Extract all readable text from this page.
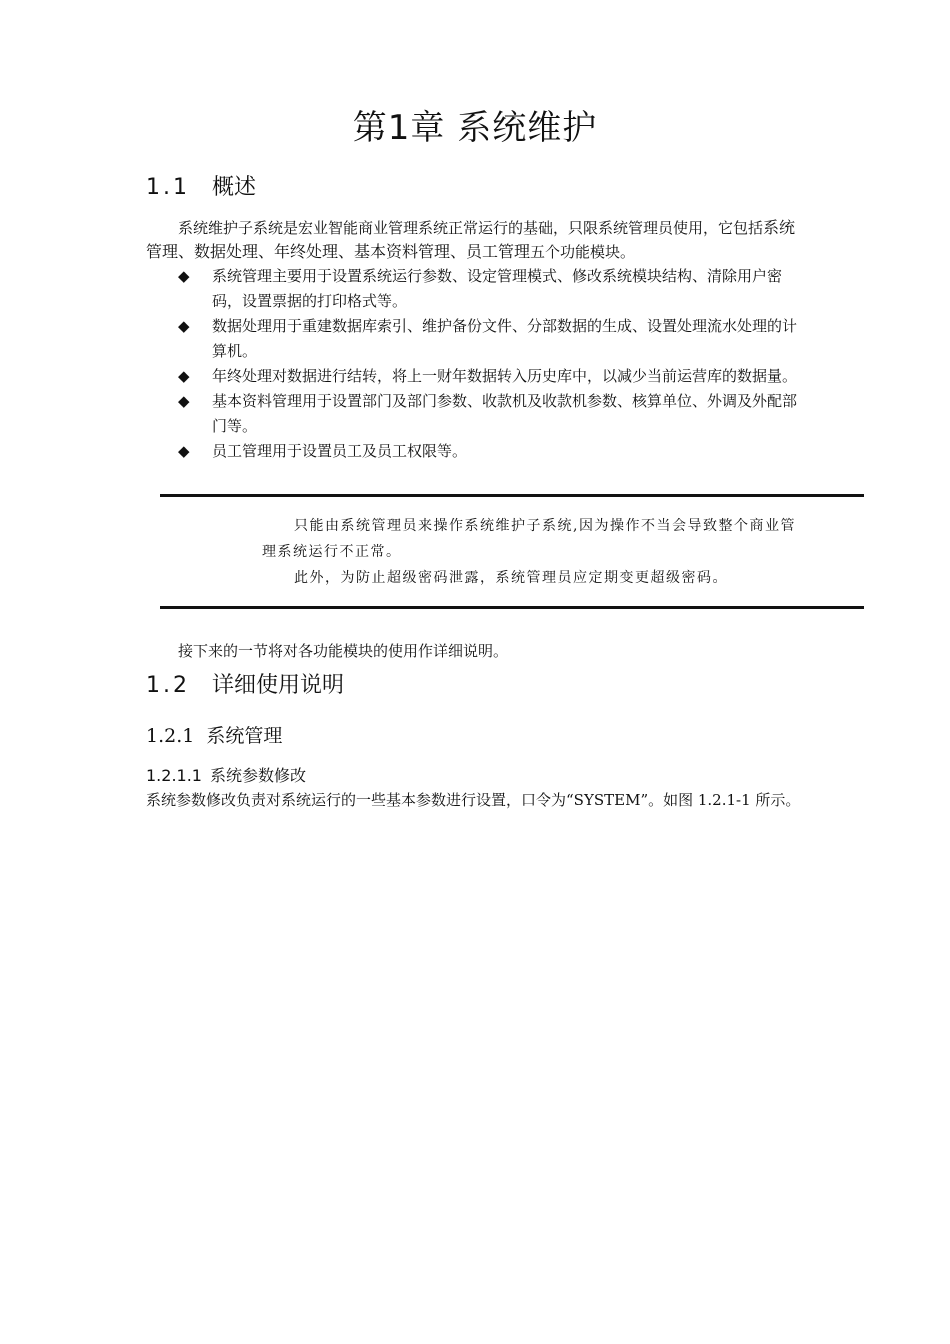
第1章 系统维护
1.1 概述
系统维护子系统是宏业智能商业管理系统正常运行的基础，只限系统管理员使用，它包括系统管理、数据处理、年终处理、基本资料管理、员工管理五个功能模块。
◆ 系统管理主要用于设置系统运行参数、设定管理模式、修改系统模块结构、清除用户密码，设置票据的打印格式等。
◆ 数据处理用于重建数据库索引、维护备份文件、分部数据的生成、设置处理流水处理的计算机。
◆ 年终处理对数据进行结转，将上一财年数据转入历史库中，以减少当前运营库的数据量。
◆ 基本资料管理用于设置部门及部门参数、收款机及收款机参数、核算单位、外调及外配部门等。
◆ 员工管理用于设置员工及员工权限等。
只能由系统管理员来操作系统维护子系统,因为操作不当会导致整个商业管理系统运行不正常。
此外，为防止超级密码泄露，系统管理员应定期变更超级密码。
接下来的一节将对各功能模块的使用作详细说明。
1.2 详细使用说明
1.2.1 系统管理
1.2.1.1 系统参数修改
系统参数修改负责对系统运行的一些基本参数进行设置，口令为“SYSTEM”。如图 1.2.1-1 所示。
